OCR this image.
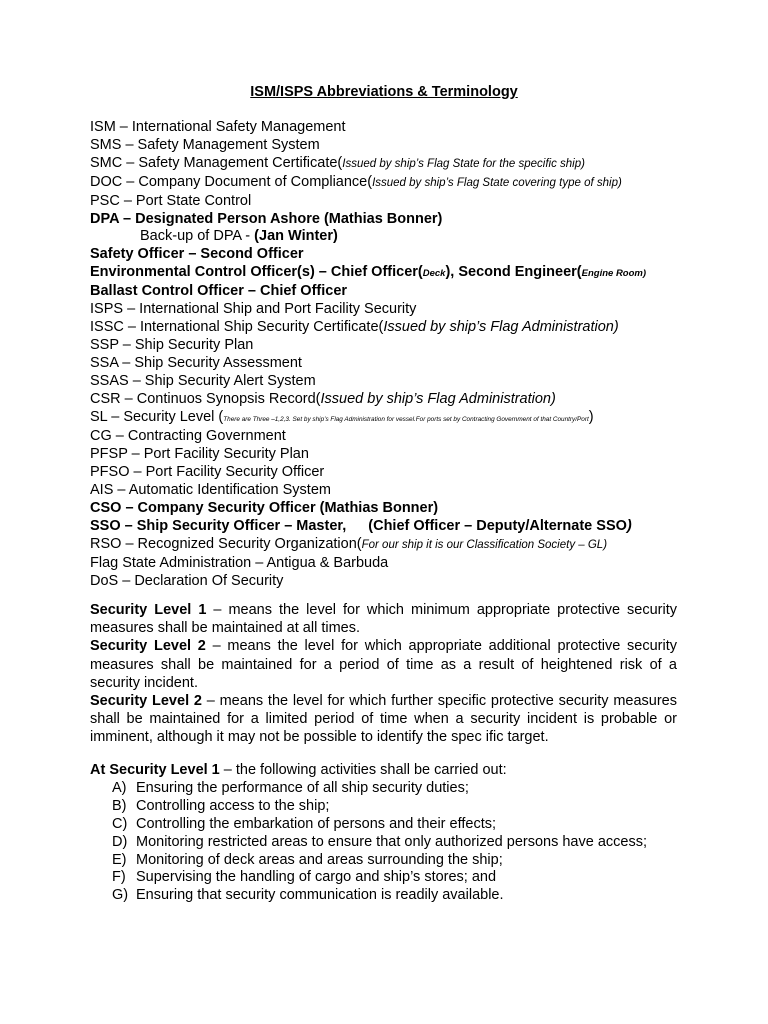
ISM/ISPS Abbreviations & Terminology
ISM – International Safety Management
SMS – Safety Management System
SMC – Safety Management Certificate(Issued by ship’s Flag State for the specific ship)
DOC – Company Document of Compliance(Issued by ship’s Flag State covering type of ship)
PSC – Port State Control
DPA – Designated Person Ashore (Mathias Bonner)
Back-up of DPA - (Jan Winter)
Safety Officer – Second Officer
Environmental Control Officer(s) – Chief Officer(Deck), Second Engineer(Engine Room)
Ballast Control Officer – Chief Officer
ISPS – International Ship and Port Facility Security
ISSC – International Ship Security Certificate(Issued by ship’s Flag Administration)
SSP – Ship Security Plan
SSA – Ship Security Assessment
SSAS – Ship Security Alert System
CSR – Continuos Synopsis Record(Issued by ship’s Flag Administration)
SL – Security Level (There are Three –1,2,3. Set by ship’s Flag Administration for vessel.For ports set by Contracting Government of that Country/Port)
CG – Contracting Government
PFSP – Port Facility Security Plan
PFSO – Port Facility Security Officer
AIS – Automatic Identification System
CSO – Company Security Officer (Mathias Bonner)
SSO – Ship Security Officer – Master, (Chief Officer – Deputy/Alternate SSO)
RSO – Recognized Security Organization(For our ship it is our Classification Society – GL)
Flag State Administration – Antigua & Barbuda
DoS – Declaration Of Security
Security Level 1 – means the level for which minimum appropriate protective security measures shall be maintained at all times.
Security Level 2 – means the level for which appropriate additional protective security measures shall be maintained for a period of time as a result of heightened risk of a security incident.
Security Level 2 – means the level for which further specific protective security measures shall be maintained for a limited period of time when a security incident is probable or imminent, although it may not be possible to identify the spec ific target.
At Security Level 1 – the following activities shall be carried out:
A) Ensuring the performance of all ship security duties;
B) Controlling access to the ship;
C) Controlling the embarkation of persons and their effects;
D) Monitoring restricted areas to ensure that only authorized persons have access;
E) Monitoring of deck areas and areas surrounding the ship;
F) Supervising the handling of cargo and ship’s stores; and
G) Ensuring that security communication is readily available.
